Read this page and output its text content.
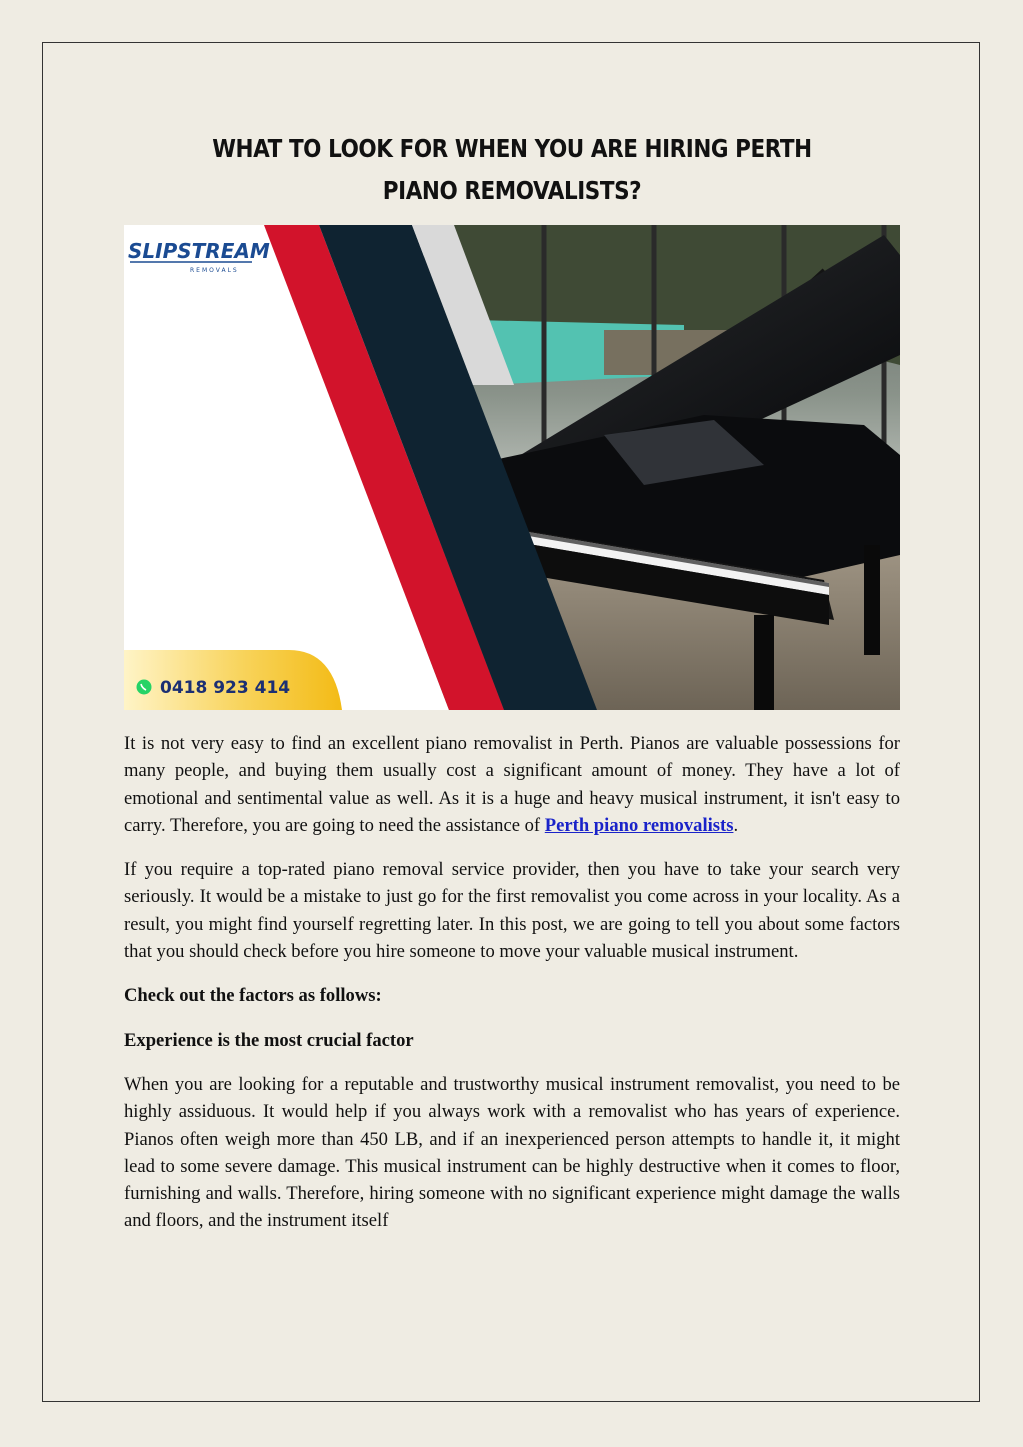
WHAT TO LOOK FOR WHEN YOU ARE HIRING PERTH PIANO REMOVALISTS?
SLIPSTREAM
REMOVALS
0418 923 414

It is not very easy to find an excellent piano removalist in Perth. Pianos are valuable possessions for many people, and buying them usually cost a significant amount of money. They have a lot of emotional and sentimental value as well. As it is a huge and heavy musical instrument, it isn't easy to carry. Therefore, you are going to need the assistance of Perth piano removalists.

If you require a top-rated piano removal service provider, then you have to take your search very seriously. It would be a mistake to just go for the first removalist you come across in your locality. As a result, you might find yourself regretting later. In this post, we are going to tell you about some factors that you should check before you hire someone to move your valuable musical instrument.

Check out the factors as follows:

Experience is the most crucial factor

When you are looking for a reputable and trustworthy musical instrument removalist, you need to be highly assiduous. It would help if you always work with a removalist who has years of experience. Pianos often weigh more than 450 LB, and if an inexperienced person attempts to handle it, it might lead to some severe damage. This musical instrument can be highly destructive when it comes to floor, furnishing and walls. Therefore, hiring someone with no significant experience might damage the walls and floors, and the instrument itself
